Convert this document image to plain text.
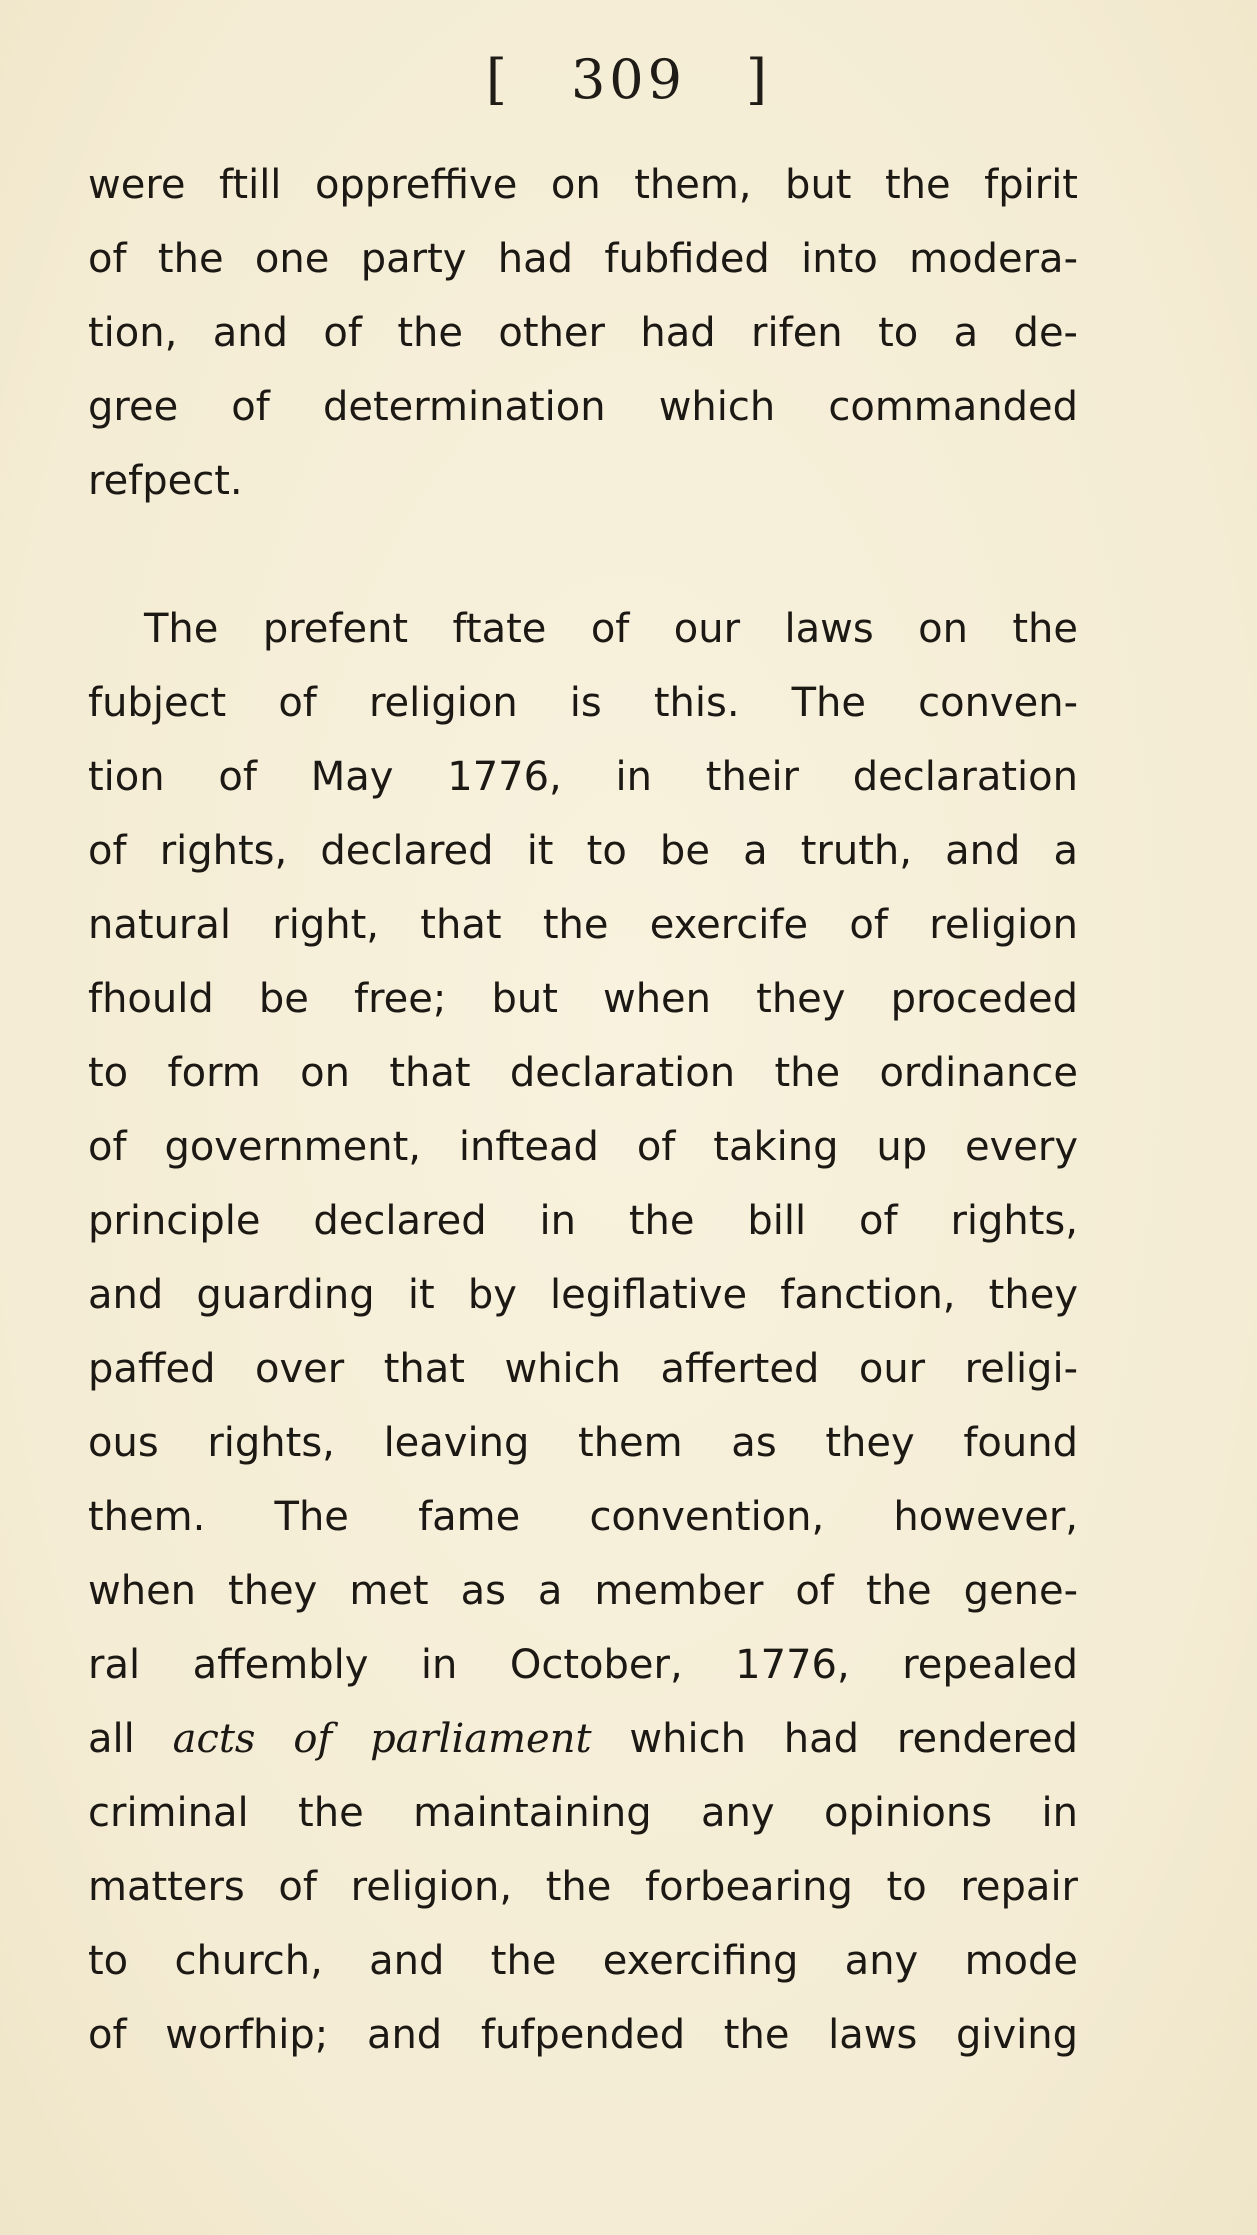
[ 309 ]
were ftill oppreffive on them, but the fpirit
of the one party had fubfided into modera-
tion, and of the other had rifen to a de-
gree of determination which commanded
refpect.
The prefent ftate of our laws on the
fubject of religion is this. The conven-
tion of May 1776, in their declaration
of rights, declared it to be a truth, and a
natural right, that the exercife of religion
fhould be free; but when they proceded
to form on that declaration the ordinance
of government, inftead of taking up every
principle declared in the bill of rights,
and guarding it by legiflative fanction, they
paffed over that which afferted our religi-
ous rights, leaving them as they found
them. The fame convention, however,
when they met as a member of the gene-
ral affembly in October, 1776, repealed
all acts of parliament which had rendered
criminal the maintaining any opinions in
matters of religion, the forbearing to repair
to church, and the exercifing any mode
of worfhip; and fufpended the laws giving
